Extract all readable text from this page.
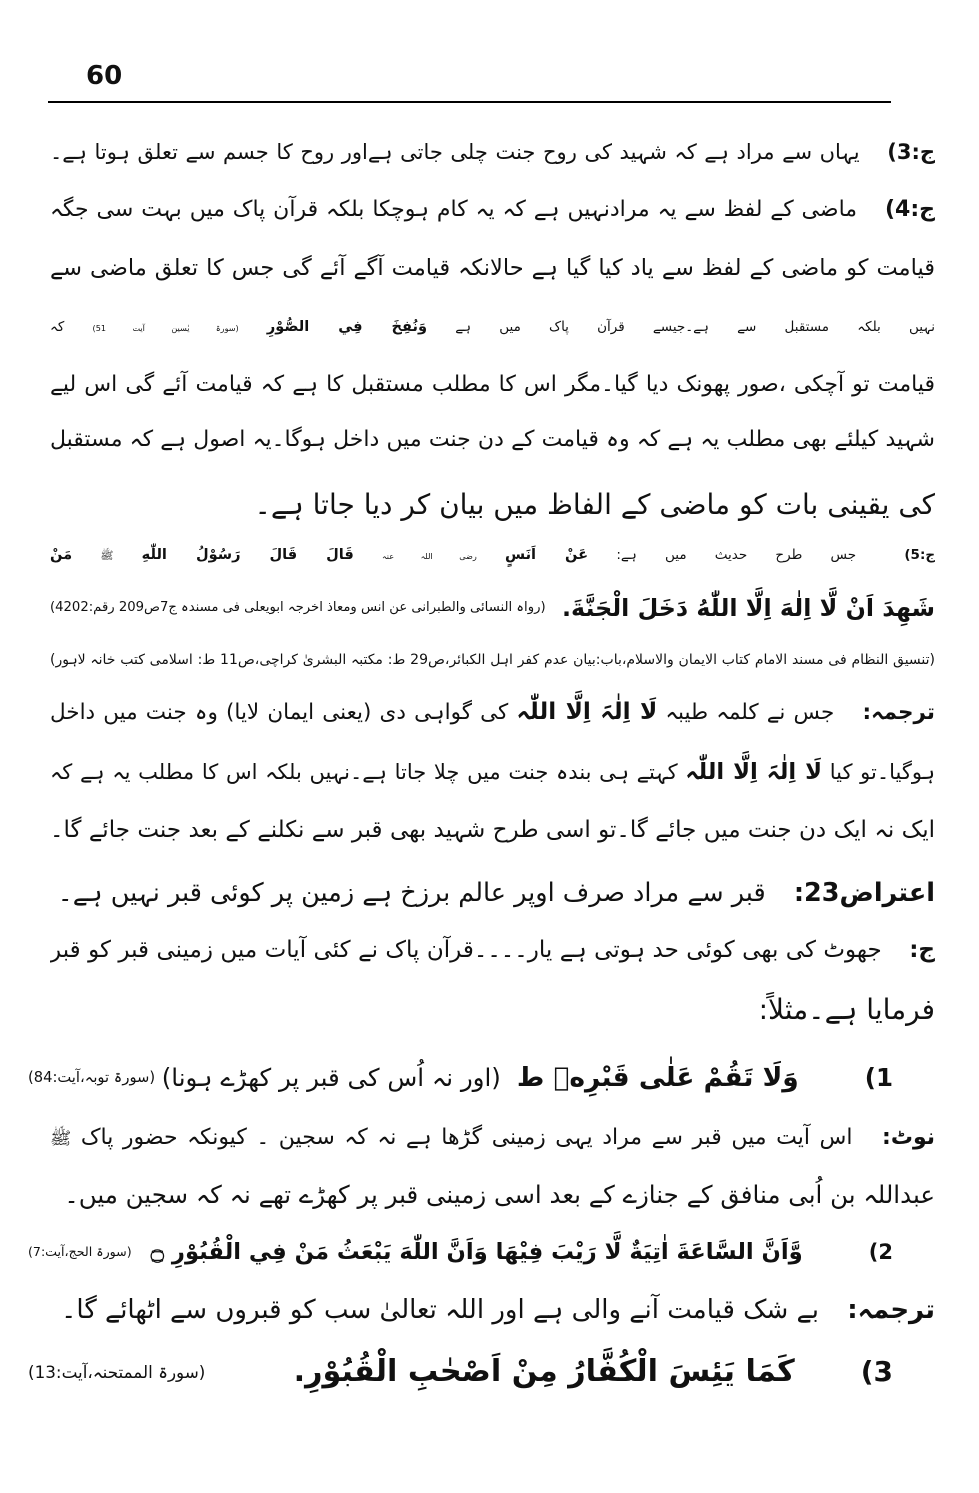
60
ج:3) یہاں سے مراد ہے کہ شہید کی روح جنت چلی جاتی ہےاور روح کا جسم سے تعلق ہوتا ہے۔
ج:4) ماضی کے لفظ سے یہ مرادنہیں ہے کہ یہ کام ہوچکا بلکہ قرآن پاک میں بہت سی جگہ
قیامت کو ماضی کے لفظ سے یاد کیا گیا ہے حالانکہ قیامت آگے آئے گی جس کا تعلق ماضی سے
نہیں بلکہ مستقبل سے ہے۔جیسے قرآن پاک میں ہے وَنُفِخَ فِي الصُّوْرِ (سورۃ یٰسین آیت 51) کہ
قیامت تو آچکی ،صور پھونک دیا گیا۔مگر اس کا مطلب مستقبل کا ہے کہ قیامت آئے گی اس لیے
شہید کیلئے بھی مطلب یہ ہے کہ وہ قیامت کے دن جنت میں داخل ہوگا۔یہ اصول ہے کہ مستقبل
کی یقینی بات کو ماضی کے الفاظ میں بیان کر دیا جاتا ہے۔
ج:5) جس طرح حدیث میں ہے: عَنْ اَنَسٍ رضی اللہ عنہ قَالَ قَالَ رَسُوْلُ اللّٰهِ ﷺ مَنْ
شَهِدَ اَنْ لَّا اِلٰهَ اِلَّا اللّٰهُ دَخَلَ الْجَنَّةَ
.
(رواہ النسائی والطبرانی عن انس ومعاذ اخرجہ ابویعلی فی مسندہ ج7ص209 رقم:4202)
(تنسیق النظام فی مسند الامام کتاب الایمان والاسلام،باب:بیان عدم کفر اہل الکبائر،ص29 ط: مکتبہ البشریٰ کراچی،ص11 ط: اسلامی کتب خانہ لاہور)
ترجمہ: جس نے کلمہ طیبہ لَا اِلٰہَ اِلَّا اللّٰہ کی گواہی دی (یعنی ایمان لایا) وہ جنت میں داخل
ہوگیا۔تو کیا لَا اِلٰہَ اِلَّا اللّٰہ کہتے ہی بندہ جنت میں چلا جاتا ہے۔نہیں بلکہ اس کا مطلب یہ ہے کہ
ایک نہ ایک دن جنت میں جائے گا۔تو اسی طرح شہید بھی قبر سے نکلنے کے بعد جنت جائے گا۔
اعتراض23: قبر سے مراد صرف اوپر عالم برزخ ہے زمین پر کوئی قبر نہیں ہے۔
ج: جھوٹ کی بھی کوئی حد ہوتی ہے یار۔۔۔۔قرآن پاک نے کئی آیات میں زمینی قبر کو قبر
فرمایا ہے۔مثلاً:
1)
وَلَا تَقُمْ عَلٰى قَبْرِهٖ ط
(اور نہ اُس کی قبر پر کھڑے ہونا)
(سورۃ توبہ،آیت:84)
نوٹ: اس آیت میں قبر سے مراد یہی زمینی گڑھا ہے نہ کہ سجین ۔ کیونکہ حضور پاک ﷺ
عبداللہ بن اُبی منافق کے جنازے کے بعد اسی زمینی قبر پر کھڑے تھے نہ کہ سجین میں۔
2)
وَّاَنَّ السَّاعَةَ اٰتِيَةٌ لَّا رَيْبَ فِيْهَا وَاَنَّ اللّٰهَ يَبْعَثُ مَنْ فِي الْقُبُوْرِ ۝
(سورۃ الحج،آیت:7)
ترجمہ: بے شک قیامت آنے والی ہے اور اللہ تعالیٰ سب کو قبروں سے اٹھائے گا۔
3)
كَمَا يَئِسَ الْكُفَّارُ مِنْ اَصْحٰبِ الْقُبُوْرِ.
(سورۃ الممتحنہ،آیت:13)
